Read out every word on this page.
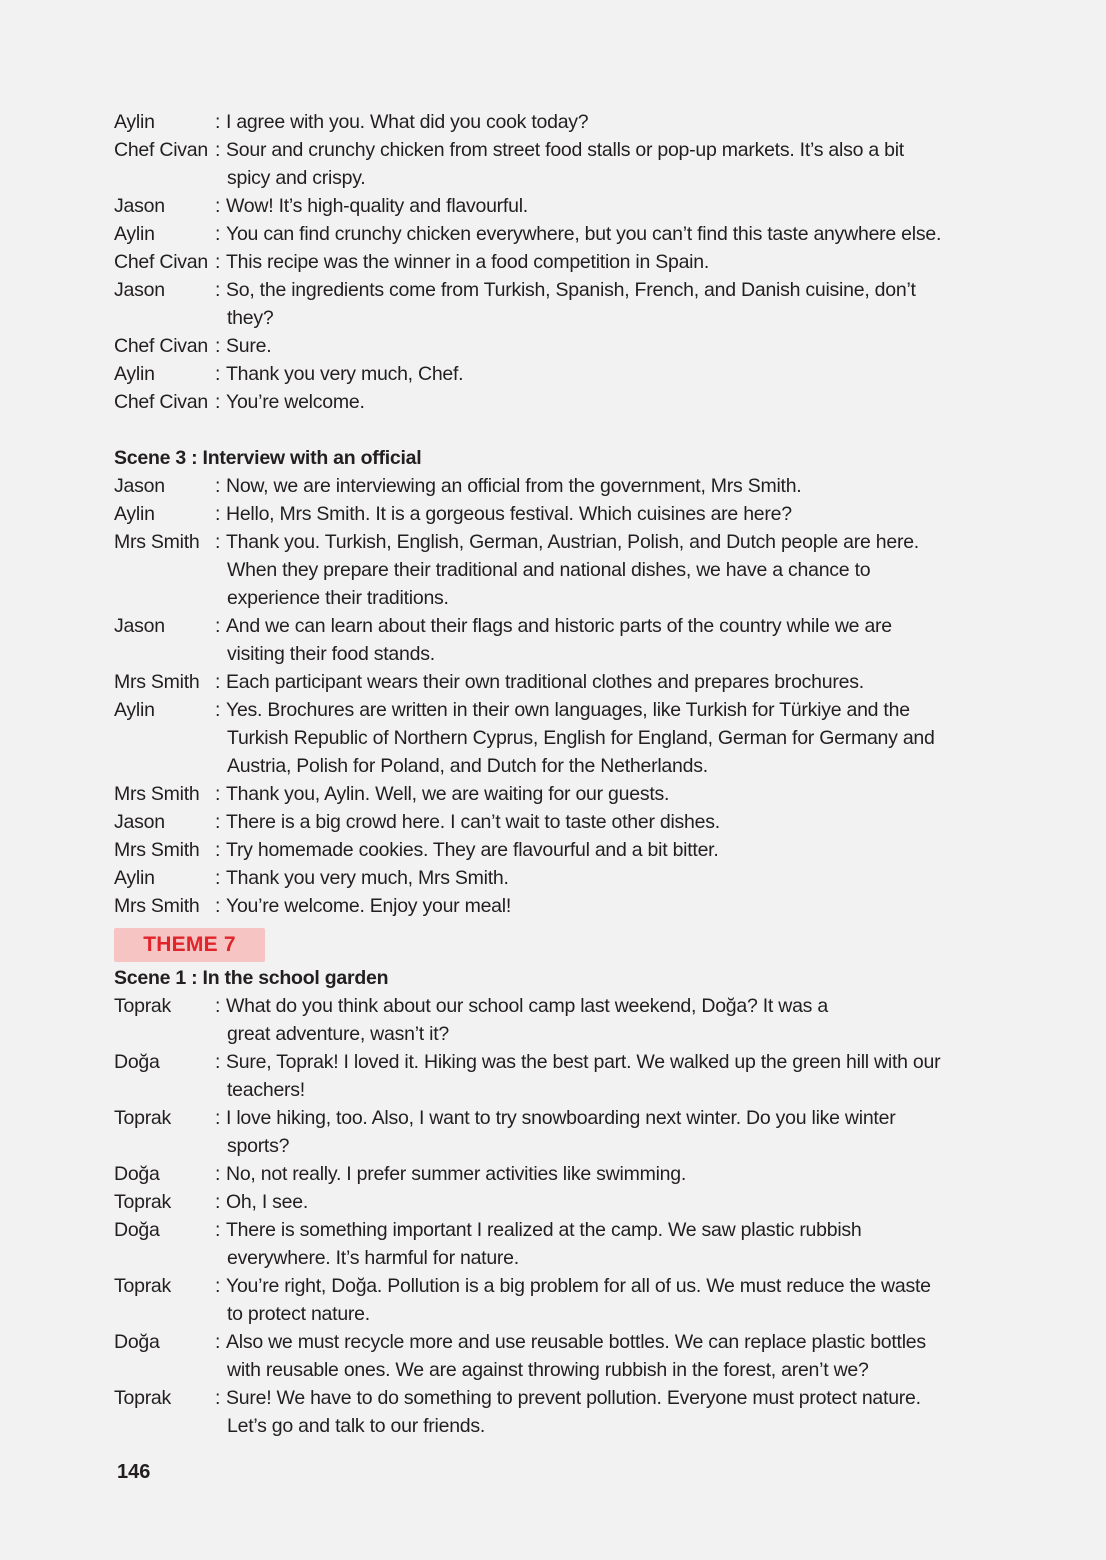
Aylin	: I agree with you. What did you cook today?
Chef Civan : Sour and crunchy chicken from street food stalls or pop-up markets. It’s also a bit
spicy and crispy.
Jason	: Wow! It’s high-quality and flavourful.
Aylin	: You can find crunchy chicken everywhere, but you can’t find this taste anywhere else.
Chef Civan : This recipe was the winner in a food competition in Spain.
Jason	: So, the ingredients come from Turkish, Spanish, French, and Danish cuisine, don’t
they?
Chef Civan : Sure.
Aylin	: Thank you very much, Chef.
Chef Civan : You’re welcome.
Scene 3 : Interview with an official
Jason	: Now, we are interviewing an official from the government, Mrs Smith.
Aylin	: Hello, Mrs Smith. It is a gorgeous festival. Which cuisines are here?
Mrs Smith : Thank you. Turkish, English, German, Austrian, Polish, and Dutch people are here.
When they prepare their traditional and national dishes, we have a chance to
experience their traditions.
Jason	: And we can learn about their flags and historic parts of the country while we are
visiting their food stands.
Mrs Smith : Each participant wears their own traditional clothes and prepares brochures.
Aylin	: Yes. Brochures are written in their own languages, like Turkish for Türkiye and the
Turkish Republic of Northern Cyprus, English for England, German for Germany and
Austria, Polish for Poland, and Dutch for the Netherlands.
Mrs Smith : Thank you, Aylin. Well, we are waiting for our guests.
Jason	: There is a big crowd here. I can’t wait to taste other dishes.
Mrs Smith : Try homemade cookies. They are flavourful and a bit bitter.
Aylin	: Thank you very much, Mrs Smith.
Mrs Smith : You’re welcome. Enjoy your meal!
THEME 7
Scene 1 : In the school garden
Toprak	: What do you think about our school camp last weekend, Doğa? It was a
great adventure, wasn’t it?
Doğa	: Sure, Toprak! I loved it. Hiking was the best part. We walked up the green hill with our
teachers!
Toprak	: I love hiking, too. Also, I want to try snowboarding next winter. Do you like winter
sports?
Doğa	: No, not really. I prefer summer activities like swimming.
Toprak	: Oh, I see.
Doğa	: There is something important I realized at the camp. We saw plastic rubbish
everywhere. It’s harmful for nature.
Toprak	: You’re right, Doğa. Pollution is a big problem for all of us. We must reduce the waste
to protect nature.
Doğa	: Also we must recycle more and use reusable bottles. We can replace plastic bottles
with reusable ones. We are against throwing rubbish in the forest, aren’t we?
Toprak	: Sure! We have to do something to prevent pollution. Everyone must protect nature.
Let’s go and talk to our friends.
146
